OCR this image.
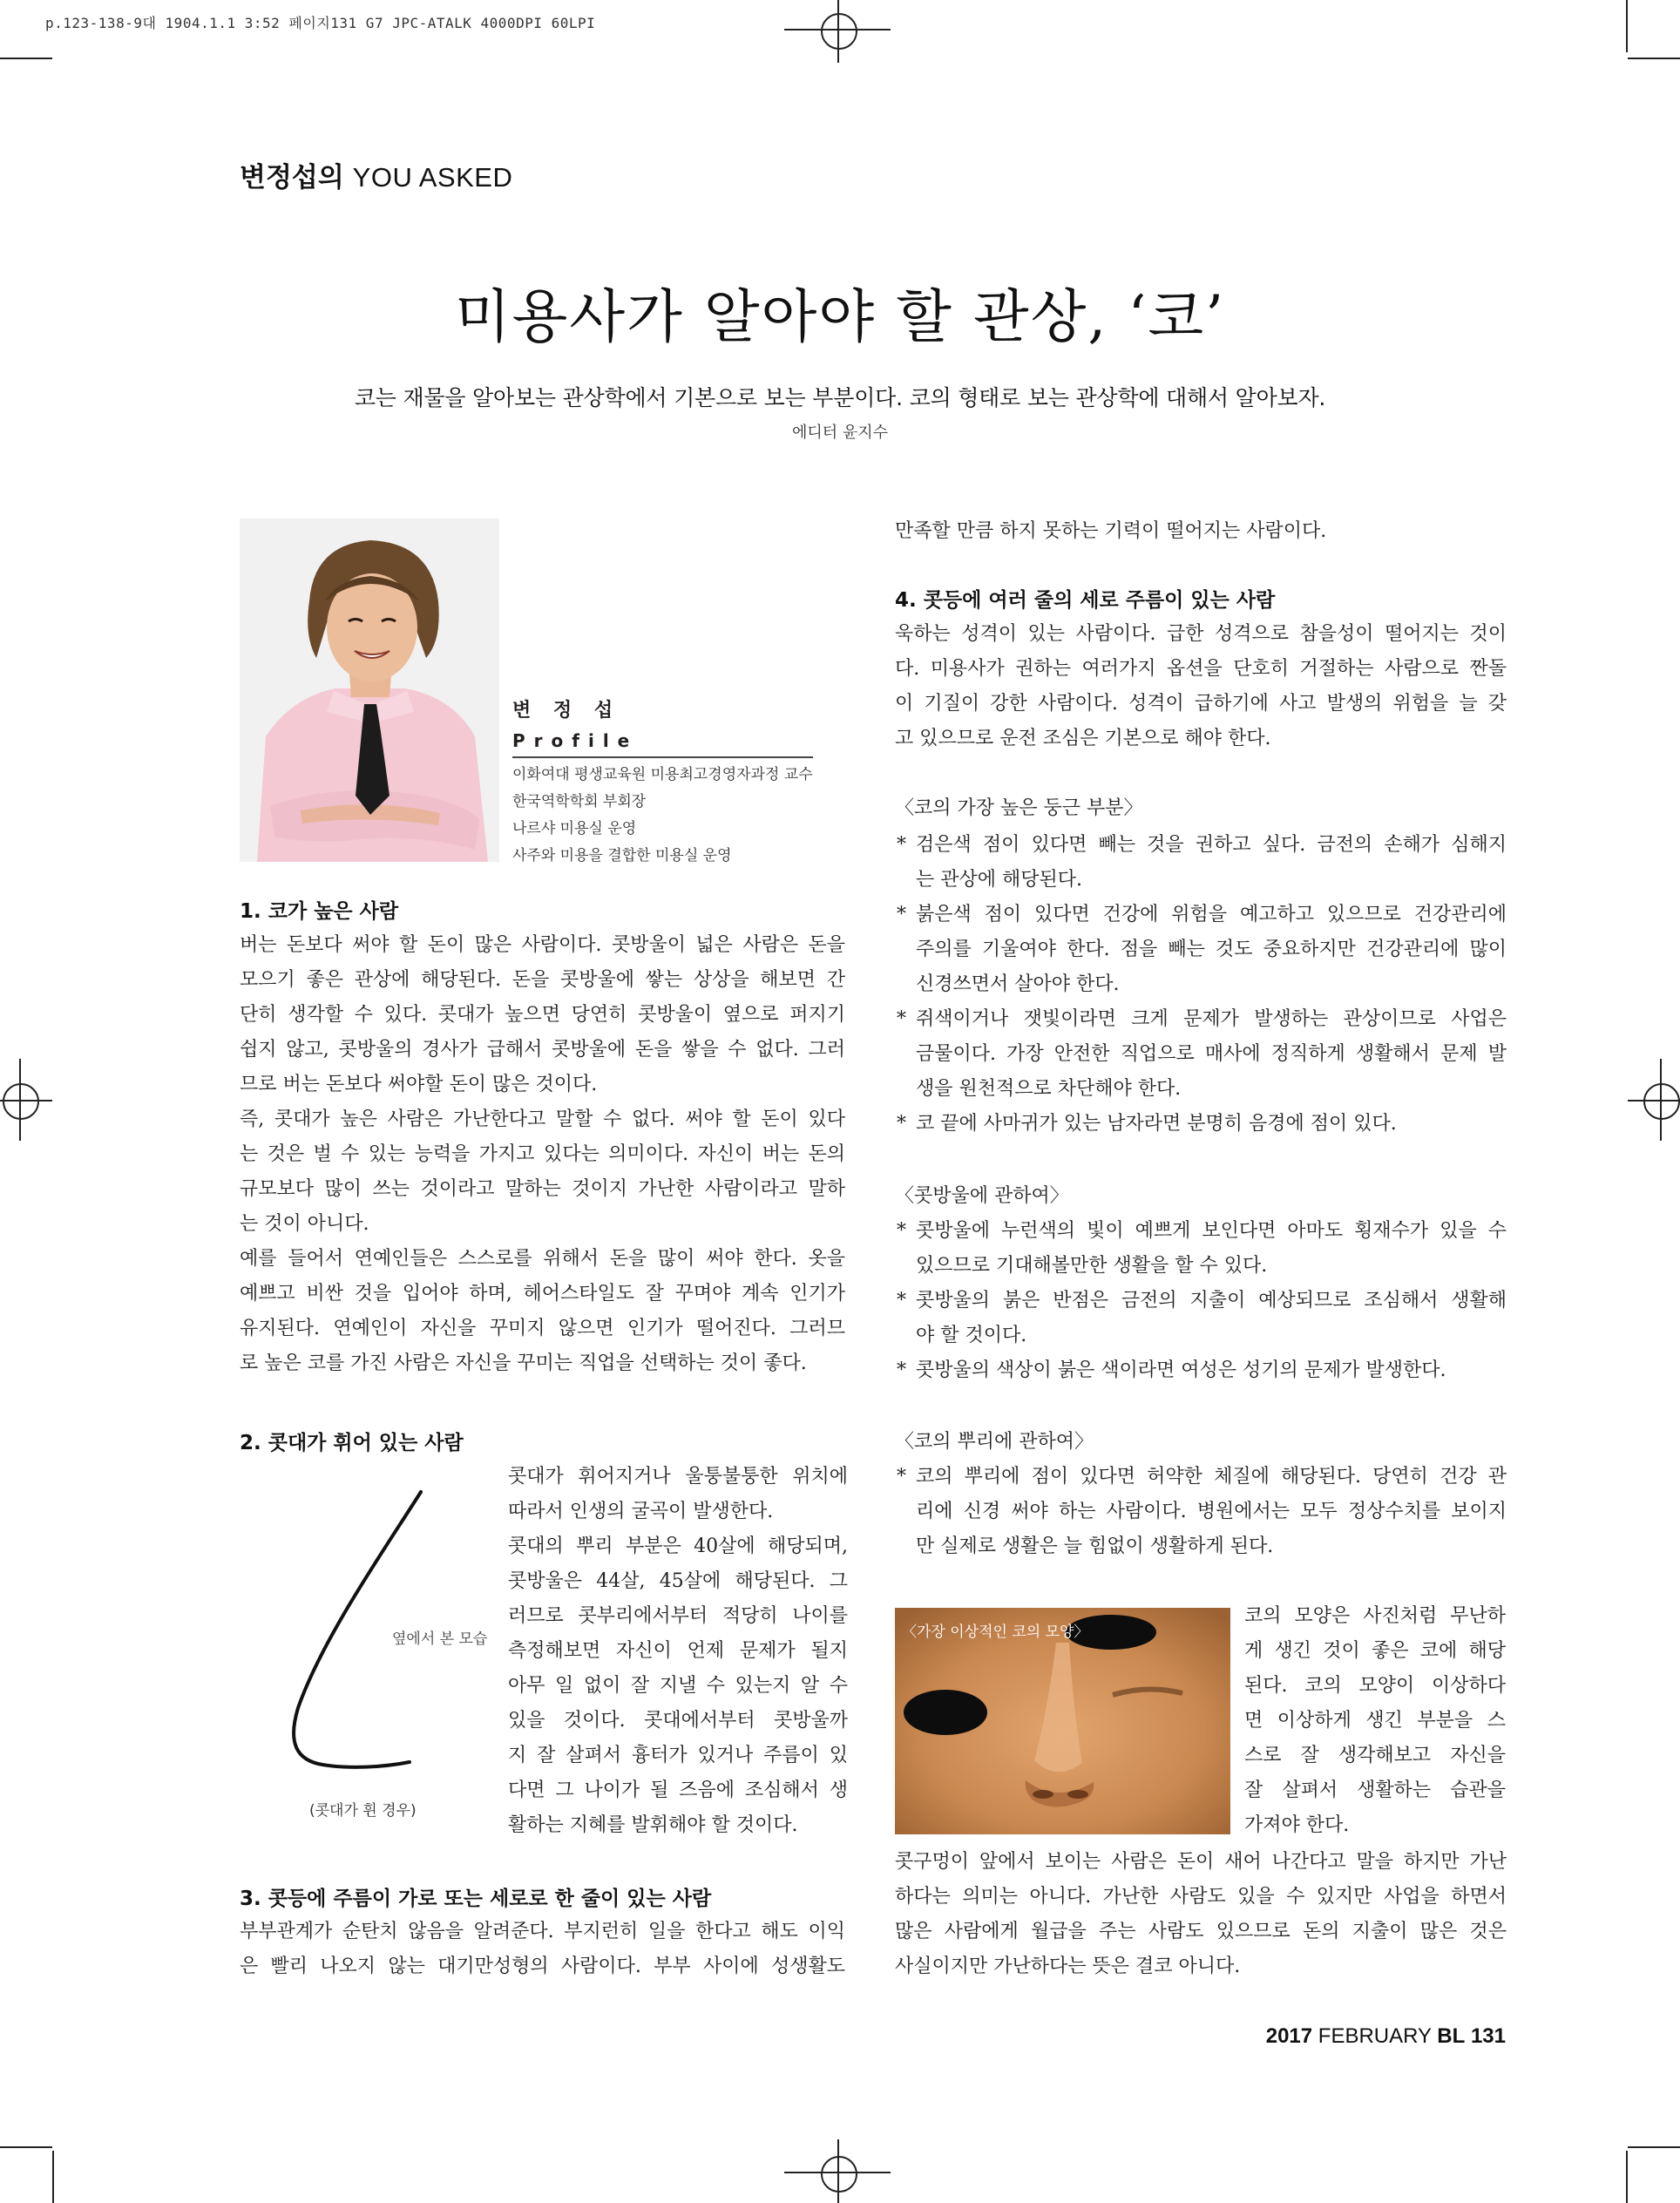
p.123-138-9대 1904.1.1 3:52 페이지131 G7 JPC-ATALK 4000DPI 60LPI
변정섭의 YOU ASKED
미용사가 알아야 할 관상, ‘코’
코는 재물을 알아보는 관상학에서 기본으로 보는 부분이다. 코의 형태로 보는 관상학에 대해서 알아보자.
에디터 윤지수
변 정 섭
Profile
이화여대 평생교육원 미용최고경영자과정 교수
한국역학학회 부회장
나르샤 미용실 운영
사주와 미용을 결합한 미용실 운영
1. 코가 높은 사람
버는 돈보다 써야 할 돈이 많은 사람이다. 콧방울이 넓은 사람은 돈을
모으기 좋은 관상에 해당된다. 돈을 콧방울에 쌓는 상상을 해보면 간
단히 생각할 수 있다. 콧대가 높으면 당연히 콧방울이 옆으로 퍼지기
쉽지 않고, 콧방울의 경사가 급해서 콧방울에 돈을 쌓을 수 없다. 그러
므로 버는 돈보다 써야할 돈이 많은 것이다.
즉, 콧대가 높은 사람은 가난한다고 말할 수 없다. 써야 할 돈이 있다
는 것은 벌 수 있는 능력을 가지고 있다는 의미이다. 자신이 버는 돈의
규모보다 많이 쓰는 것이라고 말하는 것이지 가난한 사람이라고 말하
는 것이 아니다.
예를 들어서 연예인들은 스스로를 위해서 돈을 많이 써야 한다. 옷을
예쁘고 비싼 것을 입어야 하며, 헤어스타일도 잘 꾸며야 계속 인기가
유지된다. 연예인이 자신을 꾸미지 않으면 인기가 떨어진다. 그러므
로 높은 코를 가진 사람은 자신을 꾸미는 직업을 선택하는 것이 좋다.
2. 콧대가 휘어 있는 사람
옆에서 본 모습
(콧대가 휜 경우)
콧대가 휘어지거나 울퉁불퉁한 위치에
따라서 인생의 굴곡이 발생한다.
콧대의 뿌리 부분은 40살에 해당되며,
콧방울은 44살, 45살에 해당된다. 그
러므로 콧부리에서부터 적당히 나이를
측정해보면 자신이 언제 문제가 될지
아무 일 없이 잘 지낼 수 있는지 알 수
있을 것이다. 콧대에서부터 콧방울까
지 잘 살펴서 흉터가 있거나 주름이 있
다면 그 나이가 될 즈음에 조심해서 생
활하는 지혜를 발휘해야 할 것이다.
3. 콧등에 주름이 가로 또는 세로로 한 줄이 있는 사람
부부관계가 순탄치 않음을 알려준다. 부지런히 일을 한다고 해도 이익
은 빨리 나오지 않는 대기만성형의 사람이다. 부부 사이에 성생활도
만족할 만큼 하지 못하는 기력이 떨어지는 사람이다.
4. 콧등에 여러 줄의 세로 주름이 있는 사람
욱하는 성격이 있는 사람이다. 급한 성격으로 참을성이 떨어지는 것이
다. 미용사가 권하는 여러가지 옵션을 단호히 거절하는 사람으로 짠돌
이 기질이 강한 사람이다. 성격이 급하기에 사고 발생의 위험을 늘 갖
고 있으므로 운전 조심은 기본으로 해야 한다.
〈코의 가장 높은 둥근 부분〉
* 검은색 점이 있다면 빼는 것을 권하고 싶다. 금전의 손해가 심해지
는 관상에 해당된다.
* 붉은색 점이 있다면 건강에 위험을 예고하고 있으므로 건강관리에
주의를 기울여야 한다. 점을 빼는 것도 중요하지만 건강관리에 많이
신경쓰면서 살아야 한다.
* 쥐색이거나 잿빛이라면 크게 문제가 발생하는 관상이므로 사업은
금물이다. 가장 안전한 직업으로 매사에 정직하게 생활해서 문제 발
생을 원천적으로 차단해야 한다.
* 코 끝에 사마귀가 있는 남자라면 분명히 음경에 점이 있다.
〈콧방울에 관하여〉
* 콧방울에 누런색의 빛이 예쁘게 보인다면 아마도 횡재수가 있을 수
있으므로 기대해볼만한 생활을 할 수 있다.
* 콧방울의 붉은 반점은 금전의 지출이 예상되므로 조심해서 생활해
야 할 것이다.
* 콧방울의 색상이 붉은 색이라면 여성은 성기의 문제가 발생한다.
〈코의 뿌리에 관하여〉
* 코의 뿌리에 점이 있다면 허약한 체질에 해당된다. 당연히 건강 관
리에 신경 써야 하는 사람이다. 병원에서는 모두 정상수치를 보이지
만 실제로 생활은 늘 힘없이 생활하게 된다.
〈가장 이상적인 코의 모양〉
코의 모양은 사진처럼 무난하
게 생긴 것이 좋은 코에 해당
된다. 코의 모양이 이상하다
면 이상하게 생긴 부분을 스
스로 잘 생각해보고 자신을
잘 살펴서 생활하는 습관을
가져야 한다.
콧구멍이 앞에서 보이는 사람은 돈이 새어 나간다고 말을 하지만 가난
하다는 의미는 아니다. 가난한 사람도 있을 수 있지만 사업을 하면서
많은 사람에게 월급을 주는 사람도 있으므로 돈의 지출이 많은 것은
사실이지만 가난하다는 뜻은 결코 아니다.
2017 FEBRUARY BL 131
